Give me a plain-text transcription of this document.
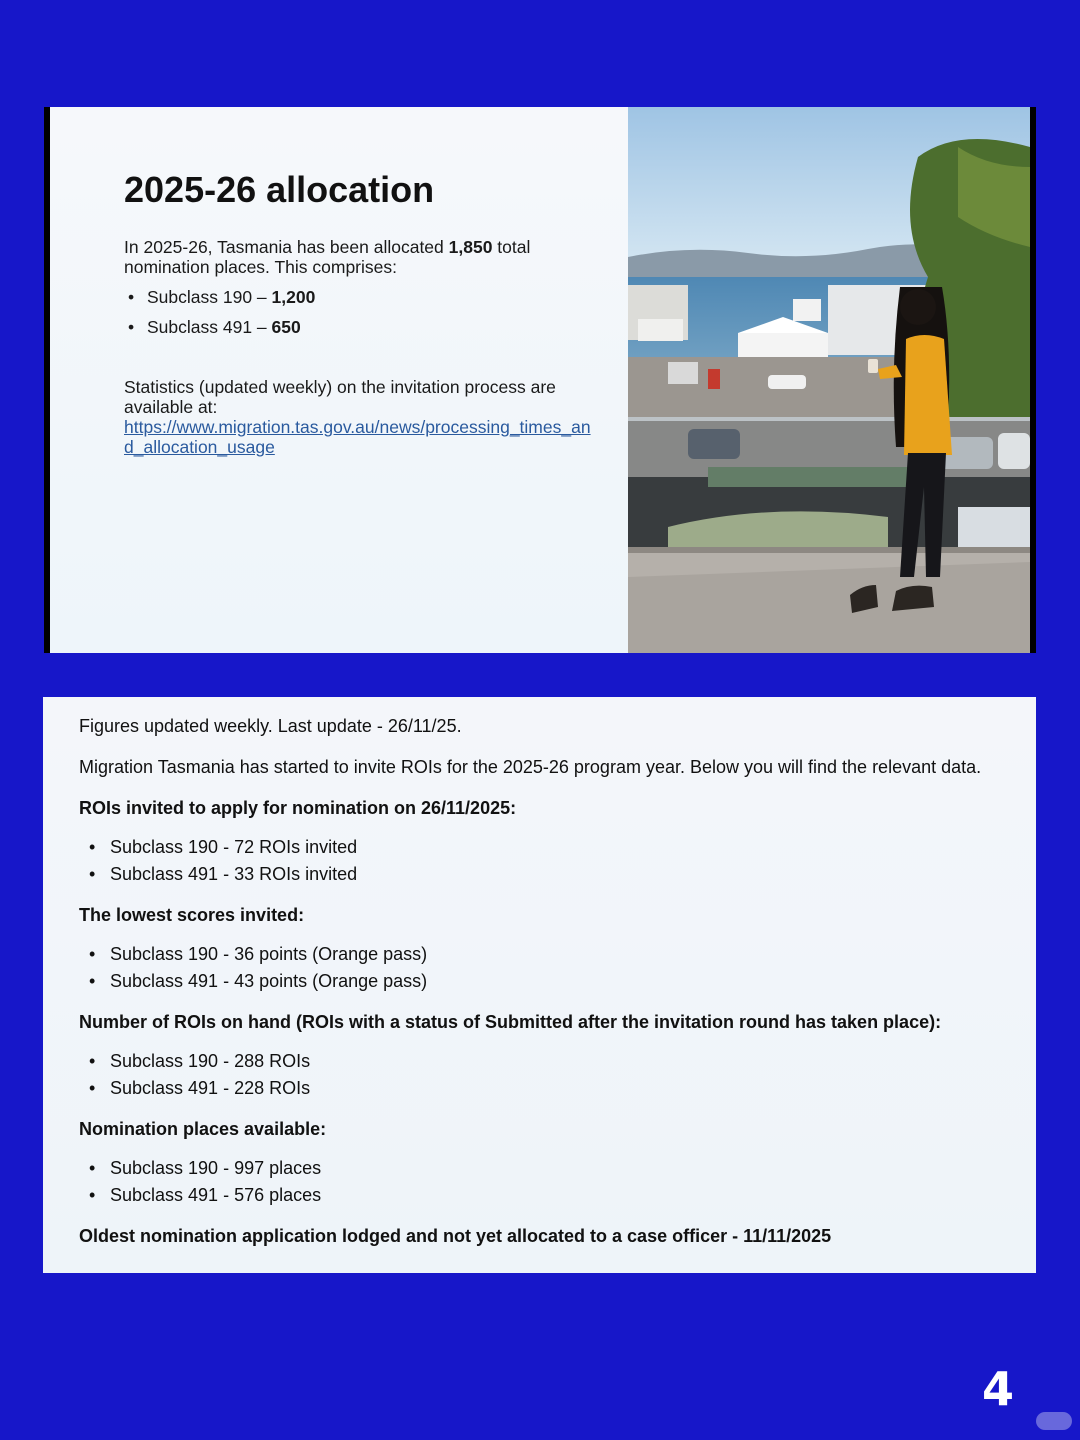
2025-26 allocation

In 2025-26, Tasmania has been allocated 1,850 total nomination places. This comprises:

• Subclass 190 – 1,200
• Subclass 491 – 650

Statistics (updated weekly) on the invitation process are available at:
https://www.migration.tas.gov.au/news/processing_times_and_allocation_usage

Figures updated weekly. Last update - 26/11/25.

Migration Tasmania has started to invite ROIs for the 2025-26 program year. Below you will find the relevant data.

ROIs invited to apply for nomination on 26/11/2025:

• Subclass 190 - 72 ROIs invited
• Subclass 491 - 33 ROIs invited

The lowest scores invited:

• Subclass 190 - 36 points (Orange pass)
• Subclass 491 - 43 points (Orange pass)

Number of ROIs on hand (ROIs with a status of Submitted after the invitation round has taken place):

• Subclass 190 - 288 ROIs
• Subclass 491 - 228 ROIs

Nomination places available:

• Subclass 190 - 997 places
• Subclass 491 - 576 places

Oldest nomination application lodged and not yet allocated to a case officer - 11/11/2025

4
